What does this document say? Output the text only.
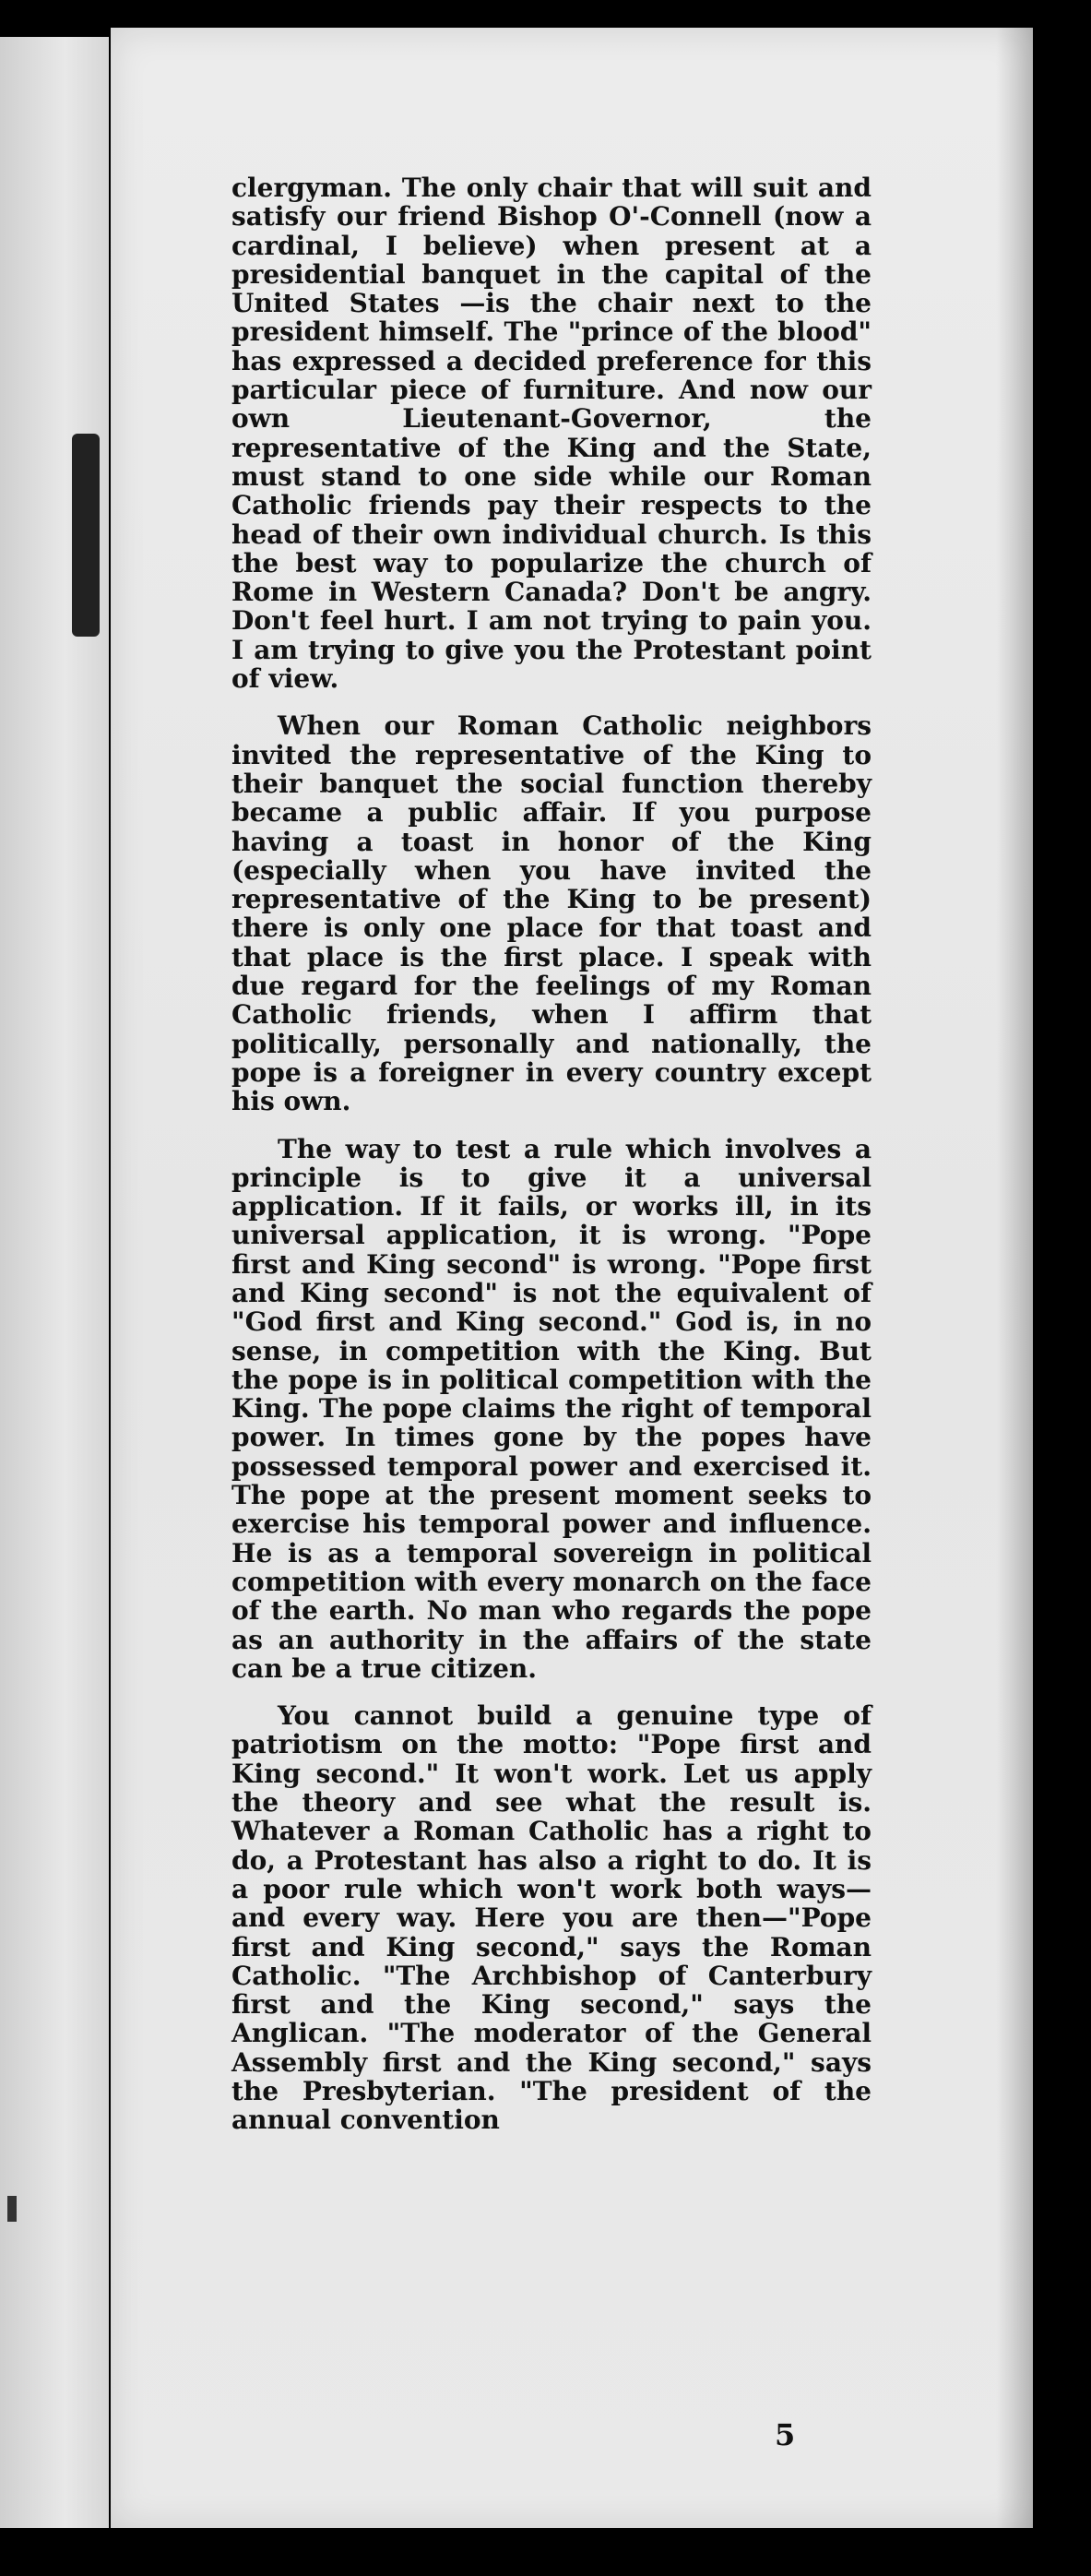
clergyman. The only chair that will suit and satisfy our friend Bishop O'-Connell (now a cardinal, I believe) when present at a presidential banquet in the capital of the United States —is the chair next to the president himself. The "prince of the blood" has expressed a decided preference for this particular piece of furniture. And now our own Lieutenant-Governor, the representative of the King and the State, must stand to one side while our Roman Catholic friends pay their respects to the head of their own individual church. Is this the best way to popularize the church of Rome in Western Canada? Don't be angry. Don't feel hurt. I am not trying to pain you. I am trying to give you the Protestant point of view.

When our Roman Catholic neighbors invited the representative of the King to their banquet the social function thereby became a public affair. If you purpose having a toast in honor of the King (especially when you have invited the representative of the King to be present) there is only one place for that toast and that place is the first place. I speak with due regard for the feelings of my Roman Catholic friends, when I affirm that politically, personally and nationally, the pope is a foreigner in every country except his own.

The way to test a rule which involves a principle is to give it a universal application. If it fails, or works ill, in its universal application, it is wrong. "Pope first and King second" is wrong. "Pope first and King second" is not the equivalent of "God first and King second." God is, in no sense, in competition with the King. But the pope is in political competition with the King. The pope claims the right of temporal power. In times gone by the popes have possessed temporal power and exercised it. The pope at the present moment seeks to exercise his temporal power and influence. He is as a temporal sovereign in political competition with every monarch on the face of the earth. No man who regards the pope as an authority in the affairs of the state can be a true citizen.

You cannot build a genuine type of patriotism on the motto: "Pope first and King second." It won't work. Let us apply the theory and see what the result is. Whatever a Roman Catholic has a right to do, a Protestant has also a right to do. It is a poor rule which won't work both ways—and every way. Here you are then—"Pope first and King second," says the Roman Catholic. "The Archbishop of Canterbury first and the King second," says the Anglican. "The moderator of the General Assembly first and the King second," says the Presbyterian. "The president of the annual convention

5
